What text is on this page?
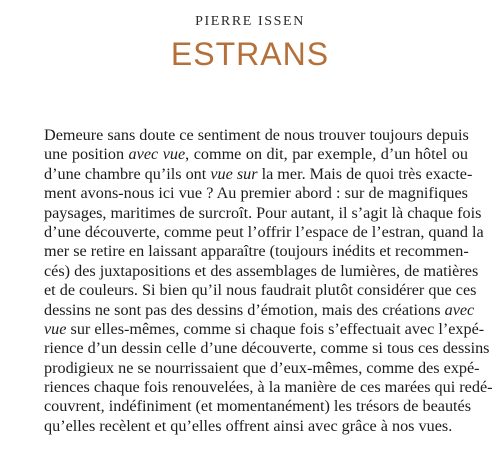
PIERRE ISSEN
ESTRANS
Demeure sans doute ce sentiment de nous trouver toujours depuis
une position avec vue, comme on dit, par exemple, d’un hôtel ou
d’une chambre qu’ils ont vue sur la mer. Mais de quoi très exacte-
ment avons-nous ici vue ? Au premier abord : sur de magnifiques
paysages, maritimes de surcroît. Pour autant, il s’agit là chaque fois
d’une découverte, comme peut l’offrir l’espace de l’estran, quand la
mer se retire en laissant apparaître (toujours inédits et recommen-
cés) des juxtapositions et des assemblages de lumières, de matières
et de couleurs. Si bien qu’il nous faudrait plutôt considérer que ces
dessins ne sont pas des dessins d’émotion, mais des créations avec
vue sur elles-mêmes, comme si chaque fois s’effectuait avec l’expé-
rience d’un dessin celle d’une découverte, comme si tous ces dessins
prodigieux ne se nourrissaient que d’eux-mêmes, comme des expé-
riences chaque fois renouvelées, à la manière de ces marées qui redé-
couvrent, indéfiniment (et momentanément) les trésors de beautés
qu’elles recèlent et qu’elles offrent ainsi avec grâce à nos vues.
